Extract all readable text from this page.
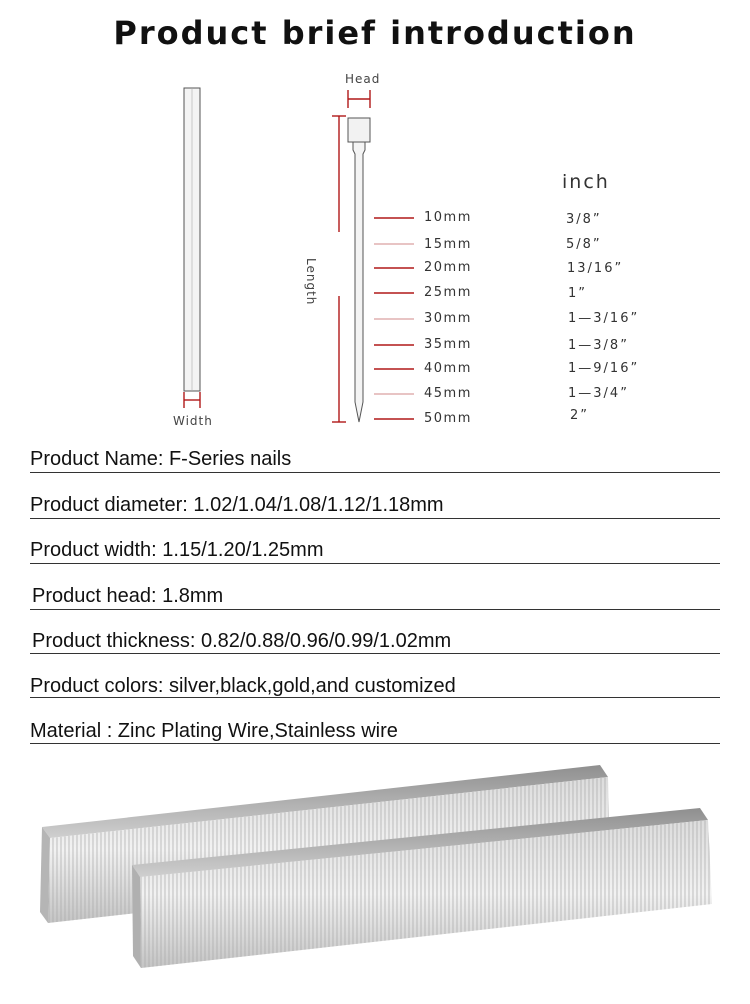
Product brief introduction
Head
Length
Width
inch
10mm
15mm
20mm
25mm
30mm
35mm
40mm
45mm
50mm
3/8”
5/8”
13/16”
1”
1—3/16”
1—3/8”
1—9/16”
1—3/4”
2”
Product Name: F-Series nails
Product diameter: 1.02/1.04/1.08/1.12/1.18mm
Product width: 1.15/1.20/1.25mm
Product head: 1.8mm
Product thickness: 0.82/0.88/0.96/0.99/1.02mm
Product colors: silver,black,gold,and customized
Material : Zinc Plating Wire,Stainless wire
